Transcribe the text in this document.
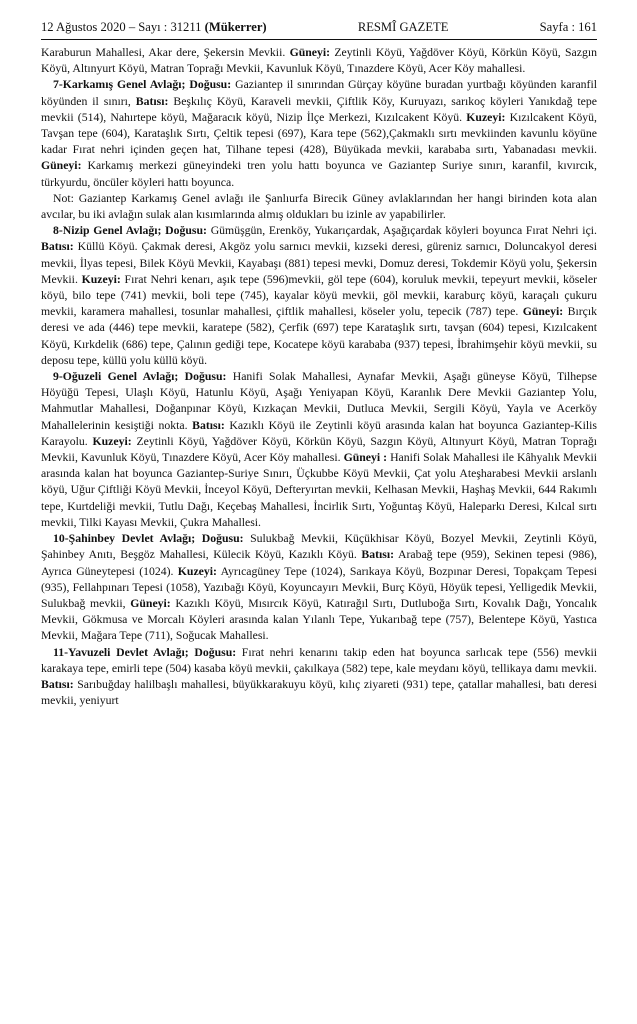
12 Ağustos 2020 – Sayı : 31211 (Mükerrer)	RESMÎ GAZETE	Sayfa : 161

Karaburun Mahallesi, Akar dere, Şekersin Mevkii. Güneyi: Zeytinli Köyü, Yağdöver Köyü, Körkün Köyü, Sazgın Köyü, Altınyurt Köyü, Matran Toprağı Mevkii, Kavunluk Köyü, Tınazdere Köyü, Acer Köy mahallesi.

7-Karkamış Genel Avlağı; Doğusu: Gaziantep il sınırından Gürçay köyüne buradan yurtbağı köyünden karanfil köyünden il sınırı, Batısı: Beşkılıç Köyü, Karaveli mevkii, Çiftlik Köy, Kuruyazı, sarıkoç köyleri Yanıkdağ tepe mevkii (514), Nahırtepe köyü, Mağaracık köyü, Nizip İlçe Merkezi, Kızılcakent Köyü. Kuzeyi: Kızılcakent Köyü, Tavşan tepe (604), Karataşlık Sırtı, Çeltik tepesi (697), Kara tepe (562),Çakmaklı sırtı mevkiinden kavunlu köyüne kadar Fırat nehri içinden geçen hat, Tilhane tepesi (428), Büyükada mevkii, karababa sırtı, Yabanadası mevkii. Güneyi: Karkamış merkezi güneyindeki tren yolu hattı boyunca ve Gaziantep Suriye sınırı, karanfil, kıvırcık, türkyurdu, öncüler köyleri hattı boyunca.

Not: Gaziantep Karkamış Genel avlağı ile Şanlıurfa Birecik Güney avlaklarından her hangi birinden kota alan avcılar, bu iki avlağın sulak alan kısımlarında almış oldukları bu izinle av yapabilirler.

8-Nizip Genel Avlağı; Doğusu: Gümüşgün, Erenköy, Yukarıçardak, Aşağıçardak köyleri boyunca Fırat Nehri içi. Batısı: Küllü Köyü. Çakmak deresi, Akgöz yolu sarnıcı mevkii, kızseki deresi, güreniz sarnıcı, Doluncakyol deresi mevkii, İlyas tepesi, Bilek Köyü Mevkii, Kayabaşı (881) tepesi mevki, Domuz deresi, Tokdemir Köyü yolu, Şekersin Mevkii. Kuzeyi: Fırat Nehri kenarı, aşık tepe (596)mevkii, göl tepe (604), koruluk mevkii, tepeyurt mevkii, köseler köyü, bilo tepe (741) mevkii, boli tepe (745), kayalar köyü mevkii, göl mevkii, karaburç köyü, karaçalı çukuru mevkii, karamera mahallesi, tosunlar mahallesi, çiftlik mahallesi, köseler yolu, tepecik (787) tepe. Güneyi: Bırçık deresi ve ada (446) tepe mevkii, karatepe (582), Çerfik (697) tepe Karataşlık sırtı, tavşan (604) tepesi, Kızılcakent Köyü, Kırkdelik (686) tepe, Çalının gediği tepe, Kocatepe köyü karababa (937) tepesi, İbrahimşehir köyü mevkii, su deposu tepe, küllü yolu küllü köyü.

9-Oğuzeli Genel Avlağı; Doğusu: Hanifi Solak Mahallesi, Aynafar Mevkii, Aşağı güneyse Köyü, Tilhepse Höyüğü Tepesi, Ulaşlı Köyü, Hatunlu Köyü, Aşağı Yeniyapan Köyü, Karanlık Dere Mevkii Gaziantep Yolu, Mahmutlar Mahallesi, Doğanpınar Köyü, Kızkaçan Mevkii, Dutluca Mevkii, Sergili Köyü, Yayla ve Acerköy Mahallelerinin kesiştiği nokta. Batısı: Kazıklı Köyü ile Zeytinli köyü arasında kalan hat boyunca Gaziantep-Kilis Karayolu. Kuzeyi: Zeytinli Köyü, Yağdöver Köyü, Körkün Köyü, Sazgın Köyü, Altınyurt Köyü, Matran Toprağı Mevkii, Kavunluk Köyü, Tınazdere Köyü, Acer Köy mahallesi. Güneyi : Hanifi Solak Mahallesi ile Kâhyalık Mevkii arasında kalan hat boyunca Gaziantep-Suriye Sınırı, Üçkubbe Köyü Mevkii, Çat yolu Ateşharabesi Mevkii arslanlı köyü, Uğur Çiftliği Köyü Mevkii, İnceyol Köyü, Defteryırtan mevkii, Kelhasan Mevkii, Haşhaş Mevkii, 644 Rakımlı tepe, Kurtdeliği mevkii, Tutlu Dağı, Keçebaş Mahallesi, İncirlik Sırtı, Yoğuntaş Köyü, Haleparkı Deresi, Kılcal sırtı mevkii, Tilki Kayası Mevkii, Çukra Mahallesi.

10-Şahinbey Devlet Avlağı; Doğusu: Sulukbağ Mevkii, Küçükhisar Köyü, Bozyel Mevkii, Zeytinli Köyü, Şahinbey Anıtı, Beşgöz Mahallesi, Külecik Köyü, Kazıklı Köyü. Batısı: Arabağ tepe (959), Sekinen tepesi (986), Ayrıca Güneytepesi (1024). Kuzeyi: Ayrıcagüney Tepe (1024), Sarıkaya Köyü, Bozpınar Deresi, Topakçam Tepesi (935), Fellahpınarı Tepesi (1058), Yazıbağı Köyü, Koyuncayırı Mevkii, Burç Köyü, Höyük tepesi, Yelligedik Mevkii, Sulukbağ mevkii, Güneyi: Kazıklı Köyü, Mısırcık Köyü, Katırağıl Sırtı, Dutluboğa Sırtı, Kovalık Dağı, Yoncalık Mevkii, Gökmusa ve Morcalı Köyleri arasında kalan Yılanlı Tepe, Yukarıbağ tepe (757), Belentepe Köyü, Yastıca Mevkii, Mağara Tepe (711), Soğucak Mahallesi.

11-Yavuzeli Devlet Avlağı; Doğusu: Fırat nehri kenarını takip eden hat boyunca sarlıcak tepe (556) mevkii karakaya tepe, emirli tepe (504) kasaba köyü mevkii, çakılkaya (582) tepe, kale meydanı köyü, tellikaya damı mevkii. Batısı: Sarıbuğday halilbaşlı mahallesi, büyükkarakuyu köyü, kılıç ziyareti (931) tepe, çatallar mahallesi, batı deresi mevkii, yeniyurt
